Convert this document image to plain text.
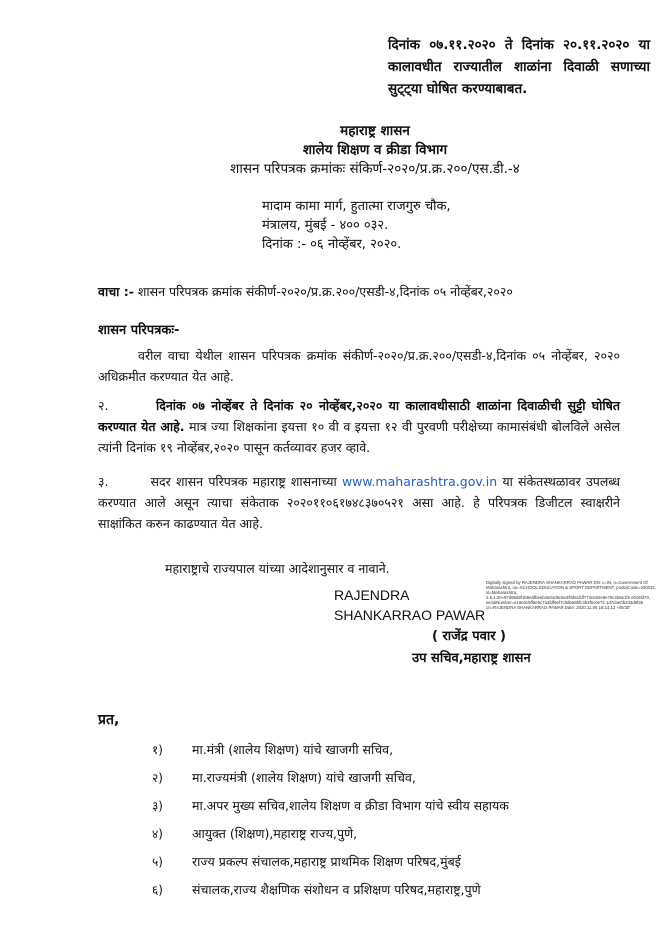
दिनांक ०७.११.२०२० ते दिनांक २०.११.२०२० या कालावधीत राज्यातील शाळांना दिवाळी सणाच्या सुट्ट्या घोषित करण्याबाबत.
महाराष्ट्र शासन
शालेय शिक्षण व क्रीडा विभाग
शासन परिपत्रक क्रमांकः संकिर्ण-२०२०/प्र.क्र.२००/एस.डी.-४
मादाम कामा मार्ग, हुतात्मा राजगुरु चौक,
मंत्रालय, मुंबई - ४०० ०३२.
दिनांक :- ०६ नोव्हेंबर, २०२०.
वाचा :- शासन परिपत्रक क्रमांक संकीर्ण-२०२०/प्र.क्र.२००/एसडी-४,दिनांक ०५ नोव्हेंबर,२०२०
शासन परिपत्रकः-
वरील वाचा येथील शासन परिपत्रक क्रमांक संकीर्ण-२०२०/प्र.क्र.२००/एसडी-४,दिनांक ०५ नोव्हेंबर, २०२० अधिक्रमीत करण्यात येत आहे.
२.	दिनांक ०७ नोव्हेंबर ते दिनांक २० नोव्हेंबर,२०२० या कालावधीसाठी शाळांना दिवाळीची सुट्टी घोषित करण्यात येत आहे. मात्र ज्या शिक्षकांना इयत्ता १० वी व इयत्ता १२ वी पुरवणी परीक्षेच्या कामासंबंधी बोलविले असेल त्यांनी दिनांक १९ नोव्हेंबर,२०२० पासून कर्तव्यावर हजर व्हावे.
३.	सदर शासन परिपत्रक महाराष्ट्र शासनाच्या www.maharashtra.gov.in या संकेतस्थळावर उपलब्ध करण्यात आले असून त्याचा संकेताक २०२०११०६१७४८३७०५२१ असा आहे. हे परिपत्रक डिजीटल स्वाक्षरीने साक्षांकित करुन काढण्यात येत आहे.
महाराष्ट्राचे राज्यपाल यांच्या आदेशानुसार व नावाने.
RAJENDRA
SHANKARRAO PAWAR
Digitally signed by RAJENDRA SHANKARRAO PAWAR DN: c=IN, o=Government Of Maharashtra, ou=SCHOOL EDUCATION & SPORT DEPARTMENT, postalCode=400032, st=Maharashtra, 2.5.4.20=97d96d8f1b9e6fbeeb4a04d9c6e3f0d51fdf773ce82e8e79c4b8e1f5 e0c6fd70, serialNumber=e19e0c9ff5e6c7a2fdf9ef7c8d6a8bfc3b3f6c0e72 1d7d4e0b2d3d8f35 cn=RAJENDRA SHANKARRAO PAWAR Date: 2020.11.06 18:14:12 +05'30'
( राजेंद्र पवार )
उप सचिव,महाराष्ट्र शासन
प्रत,
१) मा.मंत्री (शालेय शिक्षण) यांचे खाजगी सचिव,
२) मा.राज्यमंत्री (शालेय शिक्षण) यांचे खाजगी सचिव,
३) मा.अपर मुख्य सचिव,शालेय शिक्षण व क्रीडा विभाग यांचे स्वीय सहायक
४) आयुक्त (शिक्षण),महाराष्ट्र राज्य,पुणे,
५) राज्य प्रकल्प संचालक,महाराष्ट्र प्राथमिक शिक्षण परिषद,मुंबई
६) संचालक,राज्य शैक्षणिक संशोधन व प्रशिक्षण परिषद,महाराष्ट्र,पुणे
